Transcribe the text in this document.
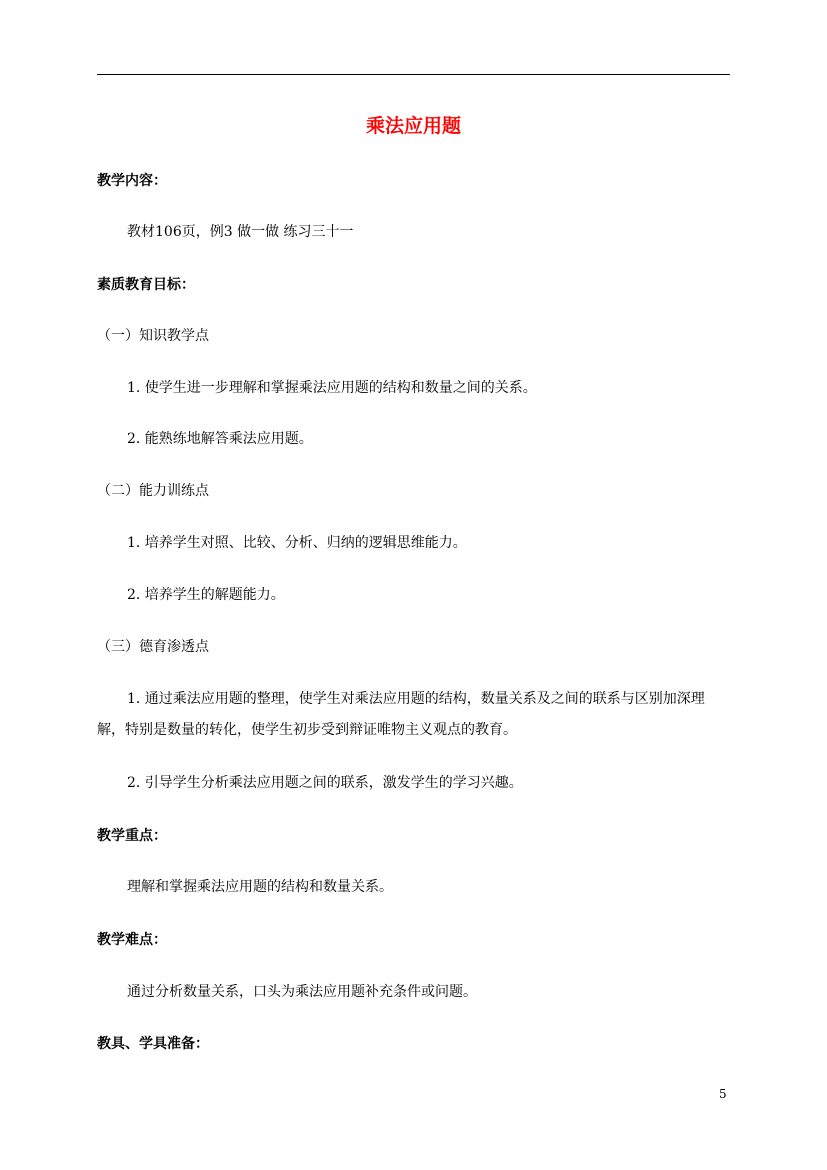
乘法应用题
教学内容：
教材106页，例3 做一做 练习三十一
素质教育目标：
（一）知识教学点
1. 使学生进一步理解和掌握乘法应用题的结构和数量之间的关系。
2. 能熟练地解答乘法应用题。
（二）能力训练点
1. 培养学生对照、比较、分析、归纳的逻辑思维能力。
2. 培养学生的解题能力。
（三）德育渗透点
1. 通过乘法应用题的整理，使学生对乘法应用题的结构，数量关系及之间的联系与区别加深理
解，特别是数量的转化，使学生初步受到辩证唯物主义观点的教育。
2. 引导学生分析乘法应用题之间的联系，激发学生的学习兴趣。
教学重点：
理解和掌握乘法应用题的结构和数量关系。
教学难点：
通过分析数量关系，口头为乘法应用题补充条件或问题。
教具、学具准备：
5
